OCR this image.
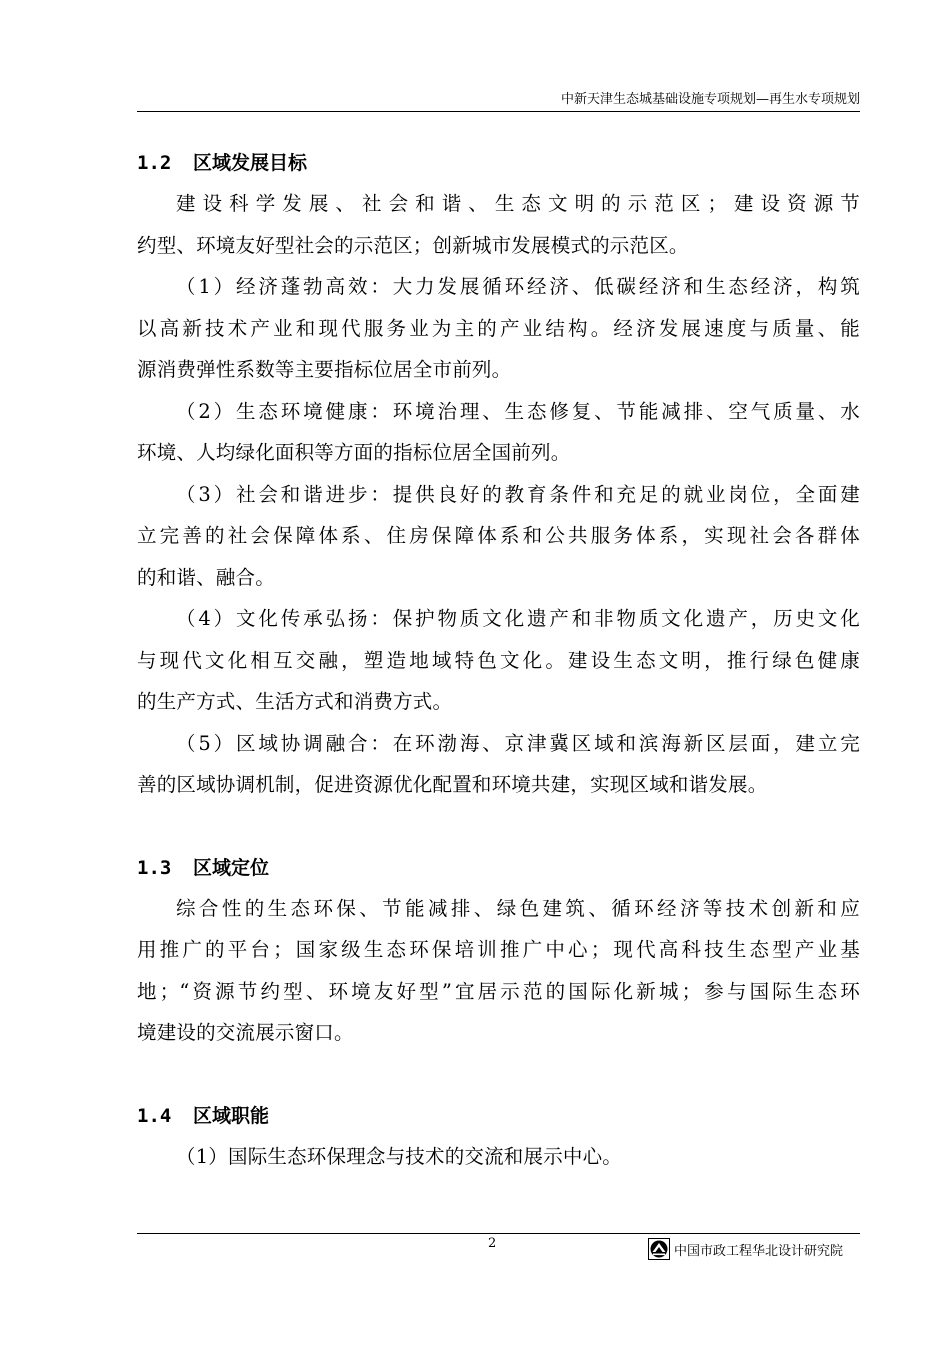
中新天津生态城基础设施专项规划—再生水专项规划
1.2 区域发展目标

建设科学发展、社会和谐、生态文明的示范区；建设资源节
约型、环境友好型社会的示范区；创新城市发展模式的示范区。

（1）经济蓬勃高效：大力发展循环经济、低碳经济和生态经济，构筑
以高新技术产业和现代服务业为主的产业结构。经济发展速度与质量、能
源消费弹性系数等主要指标位居全市前列。

（2）生态环境健康：环境治理、生态修复、节能减排、空气质量、水
环境、人均绿化面积等方面的指标位居全国前列。

（3）社会和谐进步：提供良好的教育条件和充足的就业岗位，全面建
立完善的社会保障体系、住房保障体系和公共服务体系，实现社会各群体
的和谐、融合。

（4）文化传承弘扬：保护物质文化遗产和非物质文化遗产，历史文化
与现代文化相互交融，塑造地域特色文化。建设生态文明，推行绿色健康
的生产方式、生活方式和消费方式。

（5）区域协调融合：在环渤海、京津冀区域和滨海新区层面，建立完
善的区域协调机制，促进资源优化配置和环境共建，实现区域和谐发展。

1.3 区域定位

综合性的生态环保、节能减排、绿色建筑、循环经济等技术创新和应
用推广的平台；国家级生态环保培训推广中心；现代高科技生态型产业基
地；“资源节约型、环境友好型”宜居示范的国际化新城；参与国际生态环
境建设的交流展示窗口。

1.4 区域职能

（1）国际生态环保理念与技术的交流和展示中心。

2	中国市政工程华北设计研究院
